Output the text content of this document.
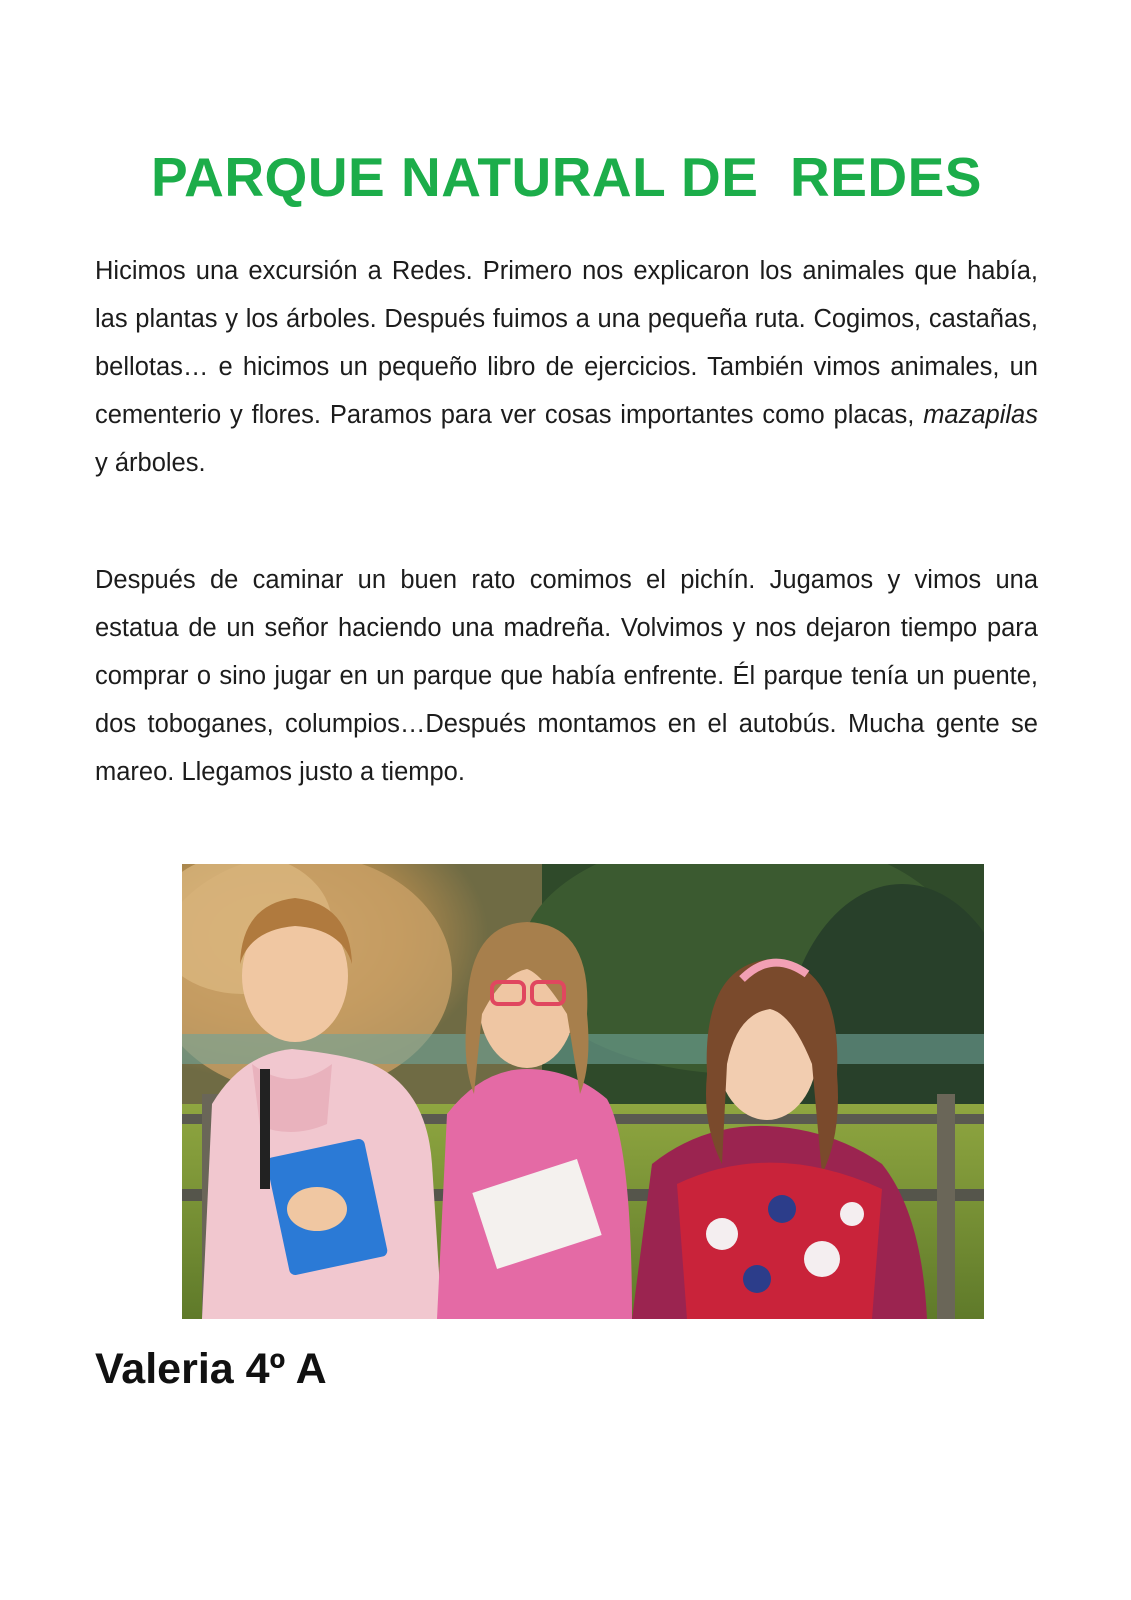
PARQUE NATURAL DE  REDES

Hicimos una excursión a Redes. Primero nos explicaron los animales que había, las plantas y los árboles. Después fuimos a una pequeña ruta. Cogimos, castañas, bellotas… e hicimos un pequeño libro de ejercicios. También vimos animales, un cementerio y flores. Paramos para ver cosas importantes como placas, mazapilas y árboles.

Después de caminar un buen rato comimos el pichín. Jugamos y vimos una estatua de un señor haciendo una madreña. Volvimos y nos dejaron tiempo para comprar o sino jugar en un parque que había enfrente. Él parque tenía un puente, dos toboganes, columpios…Después montamos en el autobús. Mucha gente se mareo. Llegamos justo a tiempo.

Valeria 4º A
